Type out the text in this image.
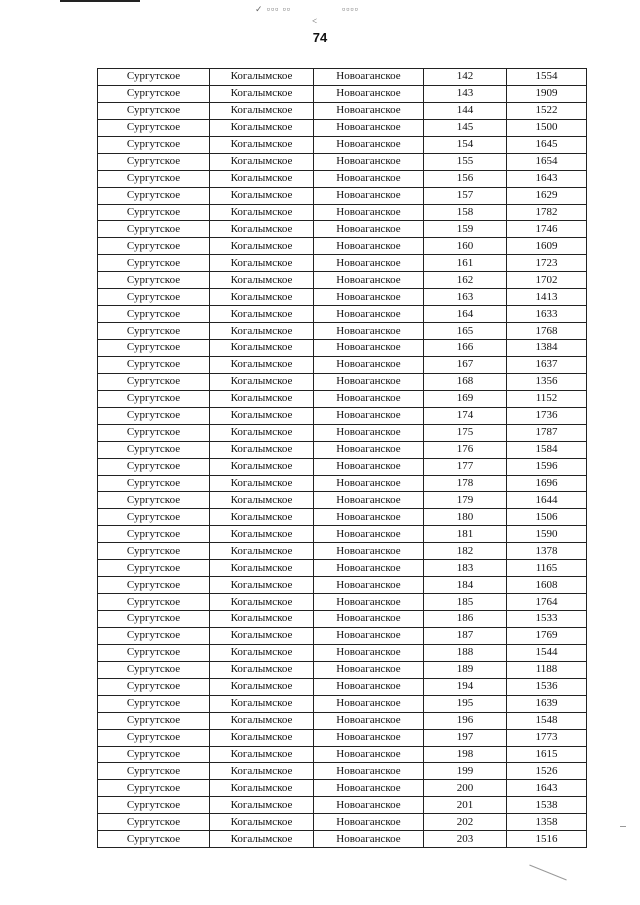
✓ ▫▫▫ ▫▫	▫▫▫▫
<
74
Сургутское	Когалымское	Новоаганское	142	1554
Сургутское	Когалымское	Новоаганское	143	1909
Сургутское	Когалымское	Новоаганское	144	1522
Сургутское	Когалымское	Новоаганское	145	1500
Сургутское	Когалымское	Новоаганское	154	1645
Сургутское	Когалымское	Новоаганское	155	1654
Сургутское	Когалымское	Новоаганское	156	1643
Сургутское	Когалымское	Новоаганское	157	1629
Сургутское	Когалымское	Новоаганское	158	1782
Сургутское	Когалымское	Новоаганское	159	1746
Сургутское	Когалымское	Новоаганское	160	1609
Сургутское	Когалымское	Новоаганское	161	1723
Сургутское	Когалымское	Новоаганское	162	1702
Сургутское	Когалымское	Новоаганское	163	1413
Сургутское	Когалымское	Новоаганское	164	1633
Сургутское	Когалымское	Новоаганское	165	1768
Сургутское	Когалымское	Новоаганское	166	1384
Сургутское	Когалымское	Новоаганское	167	1637
Сургутское	Когалымское	Новоаганское	168	1356
Сургутское	Когалымское	Новоаганское	169	1152
Сургутское	Когалымское	Новоаганское	174	1736
Сургутское	Когалымское	Новоаганское	175	1787
Сургутское	Когалымское	Новоаганское	176	1584
Сургутское	Когалымское	Новоаганское	177	1596
Сургутское	Когалымское	Новоаганское	178	1696
Сургутское	Когалымское	Новоаганское	179	1644
Сургутское	Когалымское	Новоаганское	180	1506
Сургутское	Когалымское	Новоаганское	181	1590
Сургутское	Когалымское	Новоаганское	182	1378
Сургутское	Когалымское	Новоаганское	183	1165
Сургутское	Когалымское	Новоаганское	184	1608
Сургутское	Когалымское	Новоаганское	185	1764
Сургутское	Когалымское	Новоаганское	186	1533
Сургутское	Когалымское	Новоаганское	187	1769
Сургутское	Когалымское	Новоаганское	188	1544
Сургутское	Когалымское	Новоаганское	189	1188
Сургутское	Когалымское	Новоаганское	194	1536
Сургутское	Когалымское	Новоаганское	195	1639
Сургутское	Когалымское	Новоаганское	196	1548
Сургутское	Когалымское	Новоаганское	197	1773
Сургутское	Когалымское	Новоаганское	198	1615
Сургутское	Когалымское	Новоаганское	199	1526
Сургутское	Когалымское	Новоаганское	200	1643
Сургутское	Когалымское	Новоаганское	201	1538
Сургутское	Когалымское	Новоаганское	202	1358
Сургутское	Когалымское	Новоаганское	203	1516
